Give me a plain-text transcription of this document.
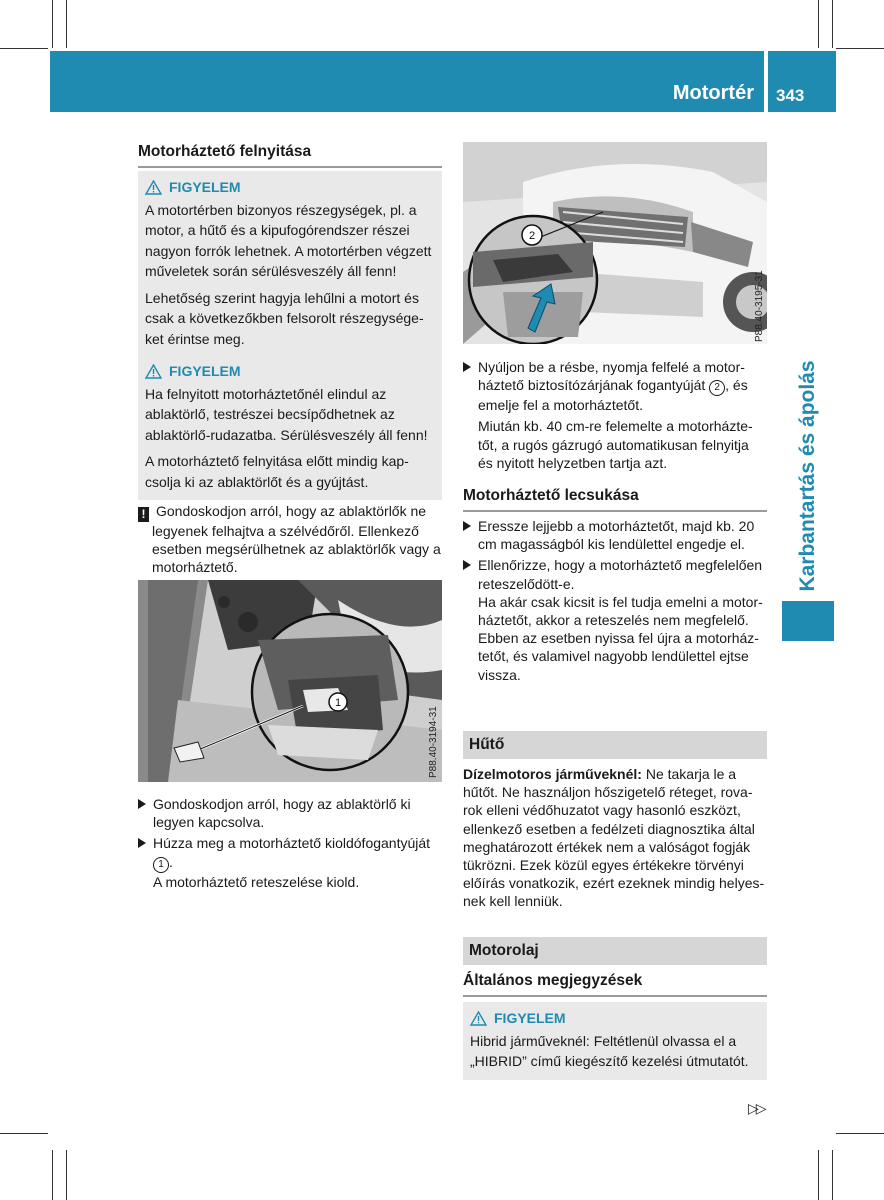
Motortér 343
Karbantartás és ápolás
Motorháztető felnyitása
FIGYELEM

A motortérben bizonyos részegységek, pl. a motor, a hűtő és a kipufogórendszer részei nagyon forrók lehetnek. A motortérben végzett műveletek során sérülésveszély áll fenn!

Lehetőség szerint hagyja lehűlni a motort és csak a következőkben felsorolt részegységeket érintse meg.

FIGYELEM

Ha felnyitott motorháztetőnél elindul az ablaktörlő, testrészei becsípődhetnek az ablaktörlő-rudazatba. Sérülésveszély áll fenn!

A motorháztető felnyitása előtt mindig kapcsolja ki az ablaktörlőt és a gyújtást.

! Gondoskodjon arról, hogy az ablaktörlők ne legyenek felhajtva a szélvédőről. Ellenkező esetben megsérülhetnek az ablaktörlők vagy a motorháztető.
1
P88.40-3194-31
Gondoskodjon arról, hogy az ablaktörlő ki legyen kapcsolva.
Húzza meg a motorháztető kioldófogantyúját 1 .
A motorháztető reteszelése kiold.
2
P88.40-3195-31
Nyúljon be a résbe, nyomja felfelé a motorháztető biztosítózárjának fogantyúját 2 , és emelje fel a motorháztetőt.
Miután kb. 40 cm-re felemelte a motorháztetőt, a rugós gázrugó automatikusan felnyitja és nyitott helyzetben tartja azt.
Motorháztető lecsukása
Eressze lejjebb a motorháztetőt, majd kb. 20 cm magasságból kis lendülettel engedje el.
Ellenőrizze, hogy a motorháztető megfelelően reteszelődött-e.
Ha akár csak kicsit is fel tudja emelni a motorháztetőt, akkor a reteszelés nem megfelelő. Ebben az esetben nyissa fel újra a motorháztetőt, és valamivel nagyobb lendülettel ejtse vissza.
Hűtő
Dízelmotoros járműveknél: Ne takarja le a hűtőt. Ne használjon hőszigetelő réteget, rovarok elleni védőhuzatot vagy hasonló eszközt, ellenkező esetben a fedélzeti diagnosztika által meghatározott értékek nem a valóságot fogják tükrözni. Ezek közül egyes értékekre törvényi előírás vonatkozik, ezért ezeknek mindig helyesnek kell lenniük.
Motorolaj
Általános megjegyzések
FIGYELEM

Hibrid járműveknél: Feltétlenül olvassa el a „HIBRID” című kiegészítő kezelési útmutatót.

▷▷
